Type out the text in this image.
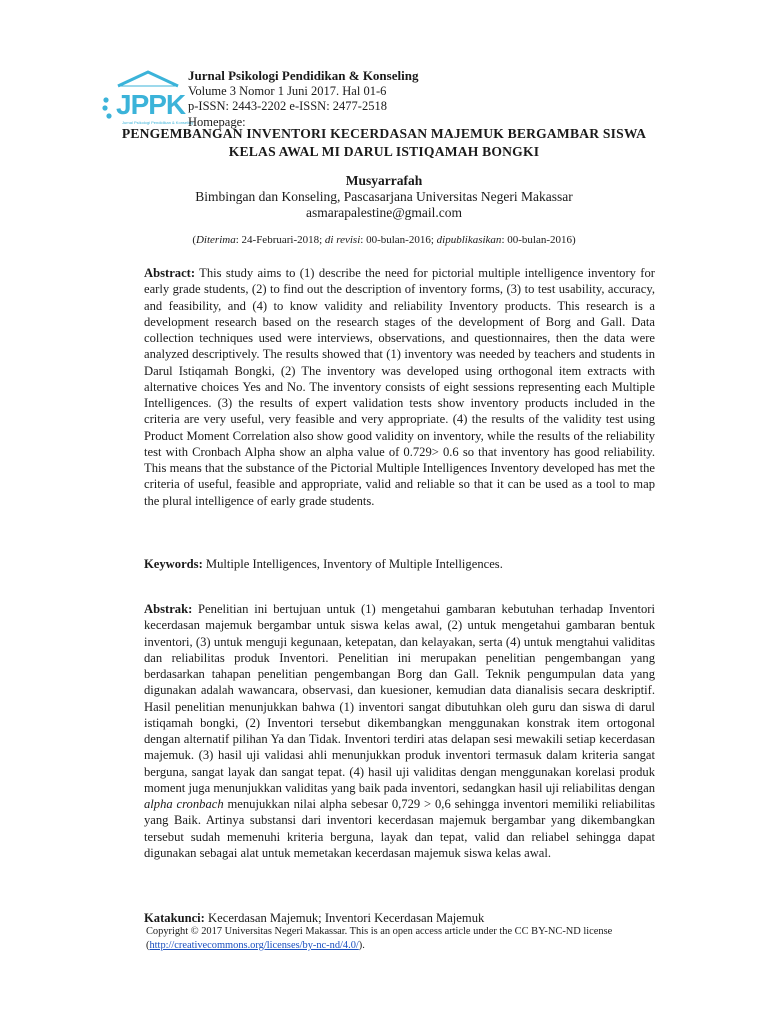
JPPK
Jurnal Psikologi Pendidikan & Konseling
Jurnal Psikologi Pendidikan & Konseling
Volume 3 Nomor 1 Juni 2017. Hal 01-6
p-ISSN: 2443-2202 e-ISSN: 2477-2518
Homepage:
PENGEMBANGAN INVENTORI KECERDASAN MAJEMUK BERGAMBAR SISWA
KELAS AWAL MI DARUL ISTIQAMAH BONGKI
Musyarrafah
Bimbingan dan Konseling, Pascasarjana Universitas Negeri Makassar
asmarapalestine@gmail.com
(Diterima: 24-Februari-2018; di revisi: 00-bulan-2016; dipublikasikan: 00-bulan-2016)
Abstract: This study aims to (1) describe the need for pictorial multiple intelligence inventory for early grade students, (2) to find out the description of inventory forms, (3) to test usability, accuracy, and feasibility, and (4) to know validity and reliability Inventory products. This research is a development research based on the research stages of the development of Borg and Gall. Data collection techniques used were interviews, observations, and questionnaires, then the data were analyzed descriptively. The results showed that (1) inventory was needed by teachers and students in Darul Istiqamah Bongki, (2) The inventory was developed using orthogonal item extracts with alternative choices Yes and No. The inventory consists of eight sessions representing each Multiple Intelligences. (3) the results of expert validation tests show inventory products included in the criteria are very useful, very feasible and very appropriate. (4) the results of the validity test using Product Moment Correlation also show good validity on inventory, while the results of the reliability test with Cronbach Alpha show an alpha value of 0.729> 0.6 so that inventory has good reliability. This means that the substance of the Pictorial Multiple Intelligences Inventory developed has met the criteria of useful, feasible and appropriate, valid and reliable so that it can be used as a tool to map the plural intelligence of early grade students.
Keywords: Multiple Intelligences, Inventory of Multiple Intelligences.
Abstrak: Penelitian ini bertujuan untuk (1) mengetahui gambaran kebutuhan terhadap Inventori kecerdasan majemuk bergambar untuk siswa kelas awal, (2) untuk mengetahui gambaran bentuk inventori, (3) untuk menguji kegunaan, ketepatan, dan kelayakan, serta (4) untuk mengtahui validitas dan reliabilitas produk Inventori. Penelitian ini merupakan penelitian pengembangan yang berdasarkan tahapan penelitian pengembangan Borg dan Gall. Teknik pengumpulan data yang digunakan adalah wawancara, observasi, dan kuesioner, kemudian data dianalisis secara deskriptif. Hasil penelitian menunjukkan bahwa (1) inventori sangat dibutuhkan oleh guru dan siswa di darul istiqamah bongki, (2) Inventori tersebut dikembangkan menggunakan konstrak item ortogonal dengan alternatif pilihan Ya dan Tidak. Inventori terdiri atas delapan sesi mewakili setiap kecerdasan majemuk. (3) hasil uji validasi ahli menunjukkan produk inventori termasuk dalam kriteria sangat berguna, sangat layak dan sangat tepat. (4) hasil uji validitas dengan menggunakan korelasi produk moment juga menunjukkan validitas yang baik pada inventori, sedangkan hasil uji reliabilitas dengan alpha cronbach menujukkan nilai alpha sebesar 0,729 > 0,6 sehingga inventori memiliki reliabilitas yang Baik. Artinya substansi dari inventori kecerdasan majemuk bergambar yang dikembangkan tersebut sudah memenuhi kriteria berguna, layak dan tepat, valid dan reliabel sehingga dapat digunakan sebagai alat untuk memetakan kecerdasan majemuk siswa kelas awal.
Katakunci: Kecerdasan Majemuk; Inventori Kecerdasan Majemuk
Copyright © 2017 Universitas Negeri Makassar. This is an open access article under the CC BY-NC-ND license (http://creativecommons.org/licenses/by-nc-nd/4.0/).
